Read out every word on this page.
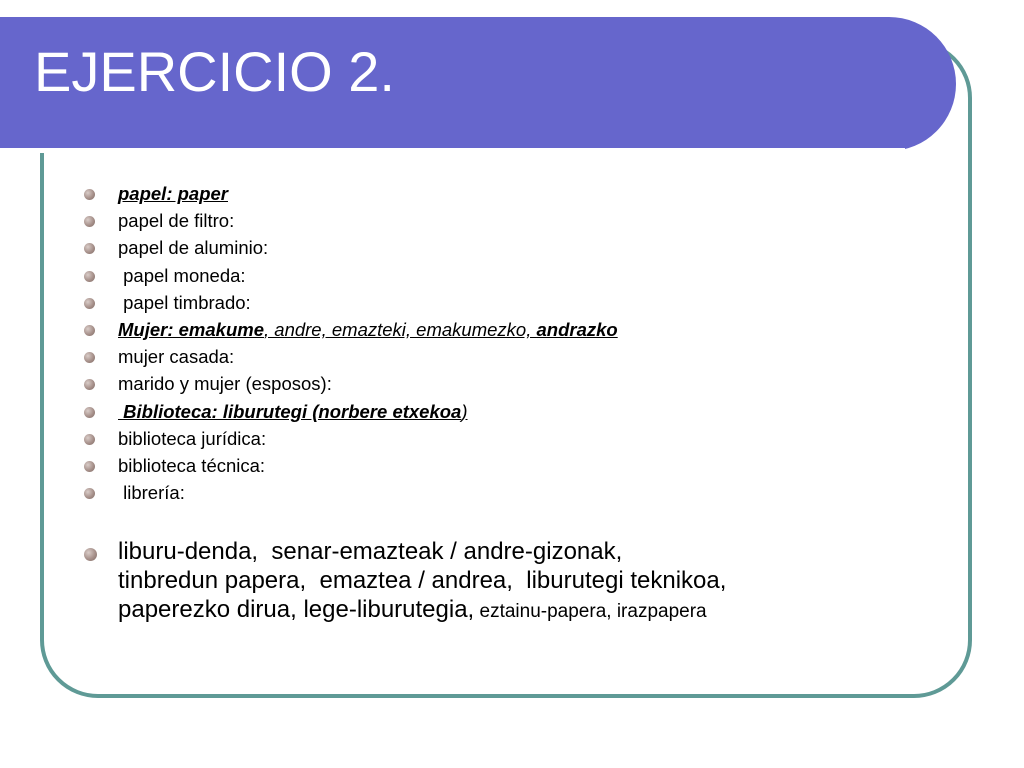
EJERCICIO 2.
papel: paper
papel de filtro:
papel de aluminio:
papel moneda:
papel timbrado:
Mujer: emakume, andre, emazteki, emakumezko, andrazko
mujer casada:
marido y mujer (esposos):
Biblioteca: liburutegi (norbere etxekoa)
biblioteca jurídica:
biblioteca técnica:
librería:
liburu-denda,  senar-emazteak / andre-gizonak,
tinbredun papera,  emaztea / andrea,  liburutegi teknikoa,
paperezko dirua, lege-liburutegia, eztainu-papera, irazpapera
